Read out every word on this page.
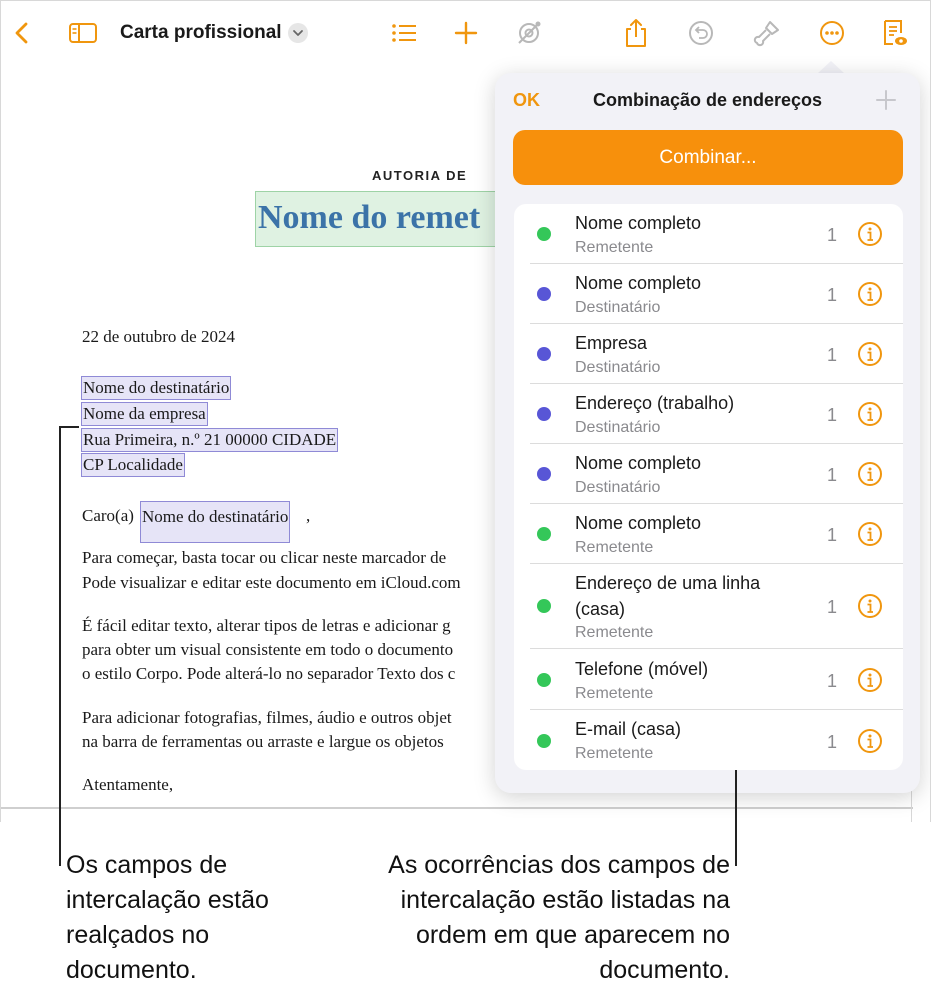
Carta profissional
AUTORIA DE
Nome do remet
22 de outubro de 2024
Nome do destinatário
Nome da empresa
Rua Primeira, n.º 21 00000 CIDADE
CP Localidade
Caro(a) Nome do destinatário ,
Para começar, basta tocar ou clicar neste marcador de
Pode visualizar e editar este documento em iCloud.com
É fácil editar texto, alterar tipos de letras e adicionar g
para obter um visual consistente em todo o documento
o estilo Corpo. Pode alterá-lo no separador Texto dos c
Para adicionar fotografias, filmes, áudio e outros objet
na barra de ferramentas ou arraste e largue os objetos
Atentamente,
OK	Combinação de endereços
Combinar...
Nome completo
Remetente
1
Nome completo
Destinatário
1
Empresa
Destinatário
1
Endereço (trabalho)
Destinatário
1
Nome completo
Destinatário
1
Nome completo
Remetente
1
Endereço de uma linha (casa)
Remetente
1
Telefone (móvel)
Remetente
1
E-mail (casa)
Remetente
1
Os campos de intercalação estão realçados no documento.
As ocorrências dos campos de intercalação estão listadas na ordem em que aparecem no documento.
